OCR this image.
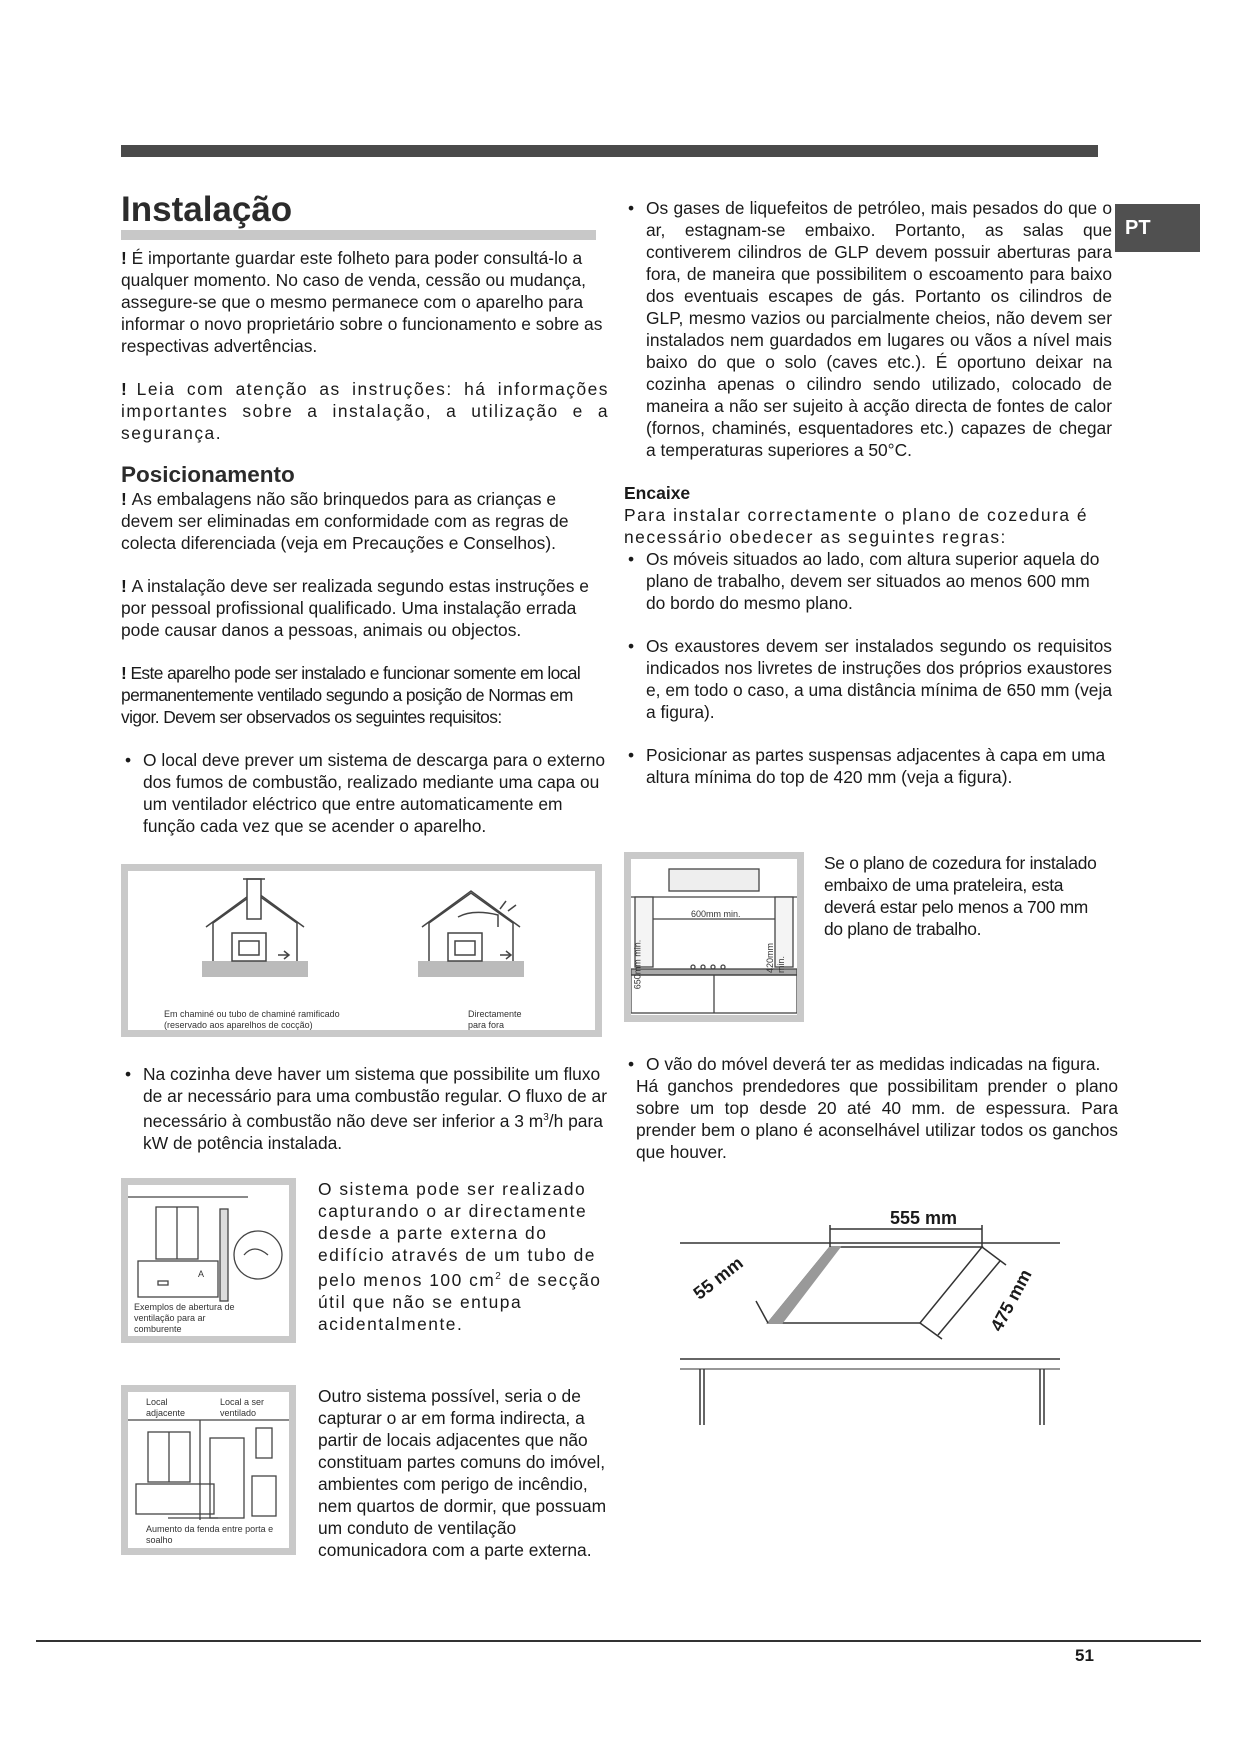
PT
Instalação

! É importante guardar este folheto para poder consultá-lo a qualquer momento. No caso de venda, cessão ou mudança, assegure-se que o mesmo permanece com o aparelho para informar o novo proprietário sobre o funcionamento e sobre as respectivas advertências.

! Leia com atenção as instruções: há informações importantes sobre a instalação, a utilização e a segurança.

Posicionamento

! As embalagens não são brinquedos para as crianças e devem ser eliminadas em conformidade com as regras de colecta diferenciada (veja em Precauções e Conselhos).

! A instalação deve ser realizada segundo estas instruções e por pessoal profissional qualificado. Uma instalação errada pode causar danos a pessoas, animais ou objectos.

! Este aparelho pode ser instalado e funcionar somente em local permanentemente ventilado segundo a posição de Normas em vigor. Devem ser observados os seguintes requisitos:

• O local deve prever um sistema de descarga para o externo dos fumos de combustão, realizado mediante uma capa ou um ventilador eléctrico que entre automaticamente em função cada vez que se acender o aparelho.
Em chaminé ou tubo de chaminé ramificado (reservado aos aparelhos de cocção)
Directamente para fora
• Na cozinha deve haver um sistema que possibilite um fluxo de ar necessário para uma combustão regular. O fluxo de ar necessário à combustão não deve ser inferior a 3 $m^3/h$ para kW de potência instalada.
A
Exemplos de abertura de ventilação para ar comburente
O sistema pode ser realizado capturando o ar directamente desde a parte externa do edifício através de um tubo de pelo menos 100 $cm^2$ de secção útil que não se entupa acidentalmente.
Local adjacente
Local a ser ventilado
Aumento da fenda entre porta e soalho
Outro sistema possível, seria o de capturar o ar em forma indirecta, a partir de locais adjacentes que não constituam partes comuns do imóvel, ambientes com perigo de incêndio, nem quartos de dormir, que possuam um conduto de ventilação comunicadora com a parte externa.
• Os gases de liquefeitos de petróleo, mais pesados do que o ar, estagnam-se embaixo. Portanto, as salas que contiverem cilindros de GLP devem possuir aberturas para fora, de maneira que possibilitem o escoamento para baixo dos eventuais escapes de gás. Portanto os cilindros de GLP, mesmo vazios ou parcialmente cheios, não devem ser instalados nem guardados em lugares ou vãos a nível mais baixo do que o solo (caves etc.). É oportuno deixar na cozinha apenas o cilindro sendo utilizado, colocado de maneira a não ser sujeito à acção directa de fontes de calor (fornos, chaminés, esquentadores etc.) capazes de chegar a temperaturas superiores a 50°C.
Encaixe

Para instalar correctamente o plano de cozedura é necessário obedecer as seguintes regras:

• Os móveis situados ao lado, com altura superior aquela do plano de trabalho, devem ser situados ao menos 600 mm do bordo do mesmo plano.
• Os exaustores devem ser instalados segundo os requisitos indicados nos livretes de instruções dos próprios exaustores e, em todo o caso, a uma distância mínima de 650 mm (veja a figura).
• Posicionar as partes suspensas adjacentes à capa em uma altura mínima do top de 420 mm (veja a figura).
600mm min.
650mm min.	420mm min.
Se o plano de cozedura for instalado embaixo de uma prateleira, esta deverá estar pelo menos a 700 mm do plano de trabalho.
• O vão do móvel deverá ter as medidas indicadas na figura.

Há ganchos prendedores que possibilitam prender o plano sobre um top desde 20 até 40 mm. de espessura. Para prender bem o plano é aconselhável utilizar todos os ganchos que houver.

555 mm
55 mm	475 mm
51
